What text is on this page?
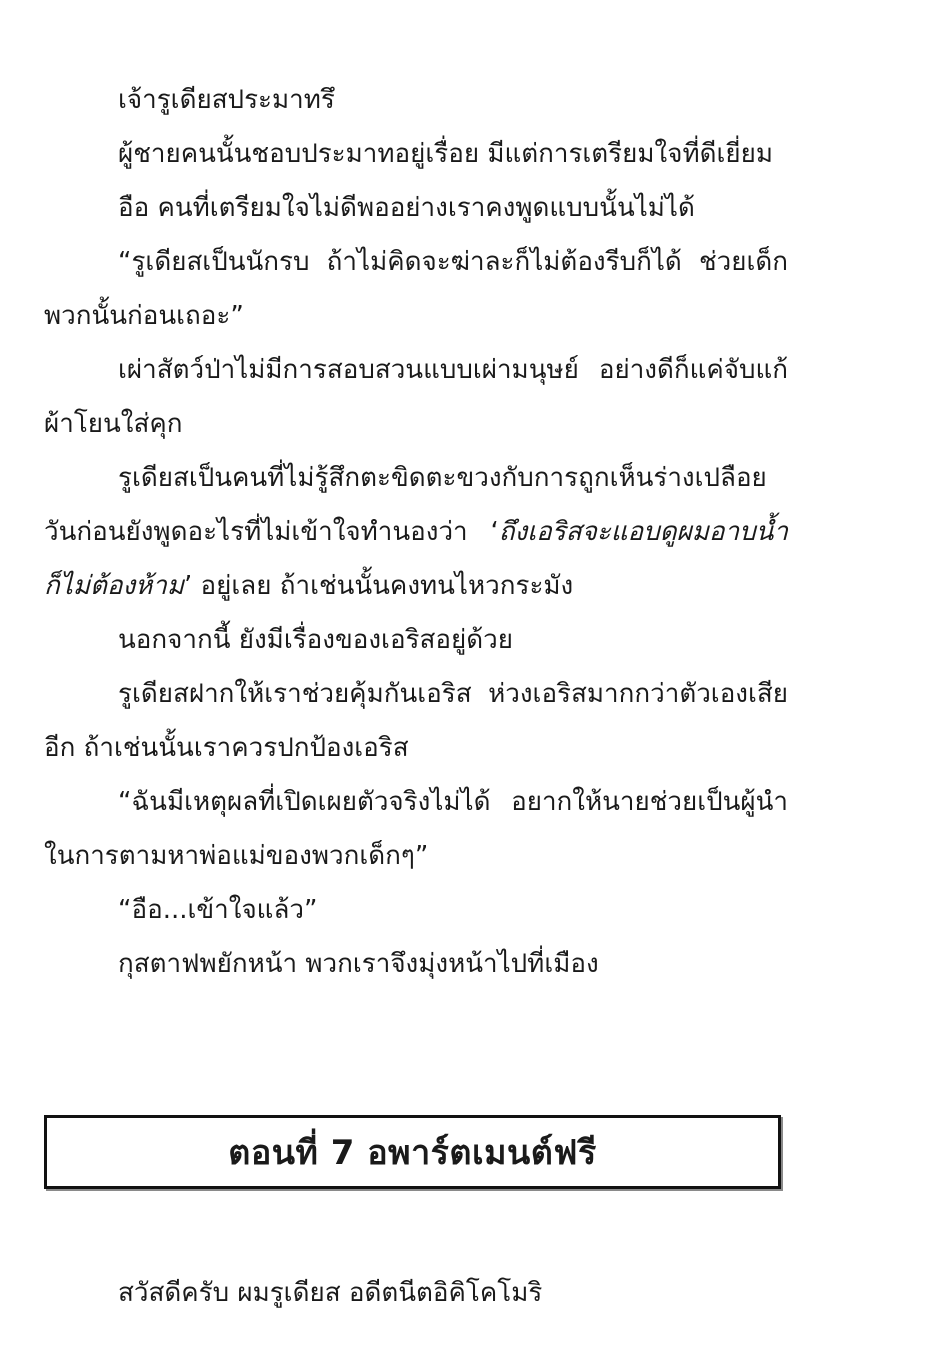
เจ้ารูเดียสประมาทรึ

ผู้ชายคนนั้นชอบประมาทอยู่เรื่อย มีแต่การเตรียมใจที่ดีเยี่ยม

อือ คนที่เตรียมใจไม่ดีพออย่างเราคงพูดแบบนั้นไม่ได้

“รูเดียสเป็นนักรบ ถ้าไม่คิดจะฆ่าละก็ไม่ต้องรีบก็ได้ ช่วยเด็กพวกนั้นก่อนเถอะ”

เผ่าสัตว์ป่าไม่มีการสอบสวนแบบเผ่ามนุษย์ อย่างดีก็แค่จับแก้ผ้าโยนใส่คุก

รูเดียสเป็นคนที่ไม่รู้สึกตะขิดตะขวงกับการถูกเห็นร่างเปลือย วันก่อนยังพูดอะไรที่ไม่เข้าใจทำนองว่า ‘ถึงเอริสจะแอบดูผมอาบน้ำก็ไม่ต้องห้าม’ อยู่เลย ถ้าเช่นนั้นคงทนไหวกระมัง

นอกจากนี้ ยังมีเรื่องของเอริสอยู่ด้วย

รูเดียสฝากให้เราช่วยคุ้มกันเอริส ห่วงเอริสมากกว่าตัวเองเสียอีก ถ้าเช่นนั้นเราควรปกป้องเอริส

“ฉันมีเหตุผลที่เปิดเผยตัวจริงไม่ได้ อยากให้นายช่วยเป็นผู้นำในการตามหาพ่อแม่ของพวกเด็กๆ”

“อือ...เข้าใจแล้ว”

กุสตาฟพยักหน้า พวกเราจึงมุ่งหน้าไปที่เมือง

ตอนที่ 7 อพาร์ตเมนต์ฟรี

สวัสดีครับ ผมรูเดียส อดีตนีตอิคิโคโมริ
